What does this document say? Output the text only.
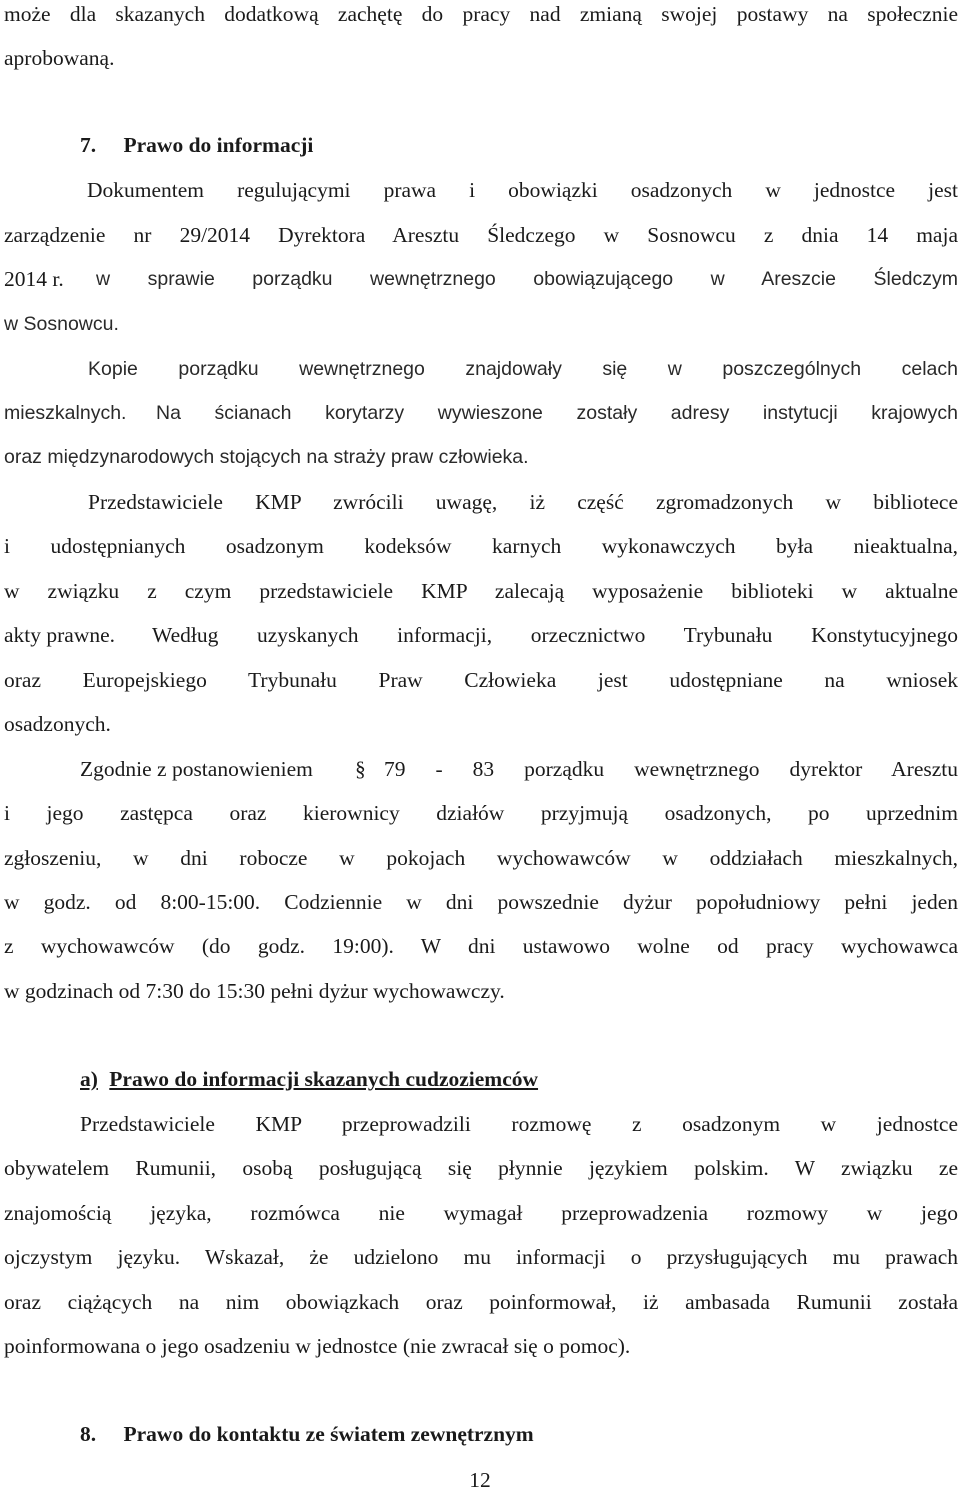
może dla skazanych dodatkową zachętę do pracy nad zmianą swojej postawy na społecznie
aprobowaną.
7. Prawo do informacji
Dokumentem regulującymi prawa i obowiązki osadzonych w jednostce jest
zarządzenie nr 29/2014 Dyrektora Aresztu Śledczego w Sosnowcu z dnia 14 maja
2014 r. w sprawie porządku wewnętrznego obowiązującego w Areszcie Śledczym
w Sosnowcu.
Kopie porządku wewnętrznego znajdowały się w poszczególnych celach
mieszkalnych. Na ścianach korytarzy wywieszone zostały adresy instytucji krajowych
oraz międzynarodowych stojących na straży praw człowieka.
Przedstawiciele KMP zwrócili uwagę, iż część zgromadzonych w bibliotece
i udostępnianych osadzonym kodeksów karnych wykonawczych była nieaktualna,
w związku z czym przedstawiciele KMP zalecają wyposażenie biblioteki w aktualne
akty prawne. Według uzyskanych informacji, orzecznictwo Trybunału Konstytucyjnego
oraz Europejskiego Trybunału Praw Człowieka jest udostępniane na wniosek
osadzonych.
Zgodnie z postanowieniem § 79 - 83 porządku wewnętrznego dyrektor Aresztu
i jego zastępca oraz kierownicy działów przyjmują osadzonych, po uprzednim
zgłoszeniu, w dni robocze w pokojach wychowawców w oddziałach mieszkalnych,
w godz. od 8:00-15:00. Codziennie w dni powszednie dyżur popołudniowy pełni jeden
z wychowawców (do godz. 19:00). W dni ustawowo wolne od pracy wychowawca
w godzinach od 7:30 do 15:30 pełni dyżur wychowawczy.
a) Prawo do informacji skazanych cudzoziemców
Przedstawiciele KMP przeprowadzili rozmowę z osadzonym w jednostce
obywatelem Rumunii, osobą posługującą się płynnie językiem polskim. W związku ze
znajomością języka, rozmówca nie wymagał przeprowadzenia rozmowy w jego
ojczystym języku. Wskazał, że udzielono mu informacji o przysługujących mu prawach
oraz ciążących na nim obowiązkach oraz poinformował, iż ambasada Rumunii została
poinformowana o jego osadzeniu w jednostce (nie zwracał się o pomoc).
8. Prawo do kontaktu ze światem zewnętrznym
12
